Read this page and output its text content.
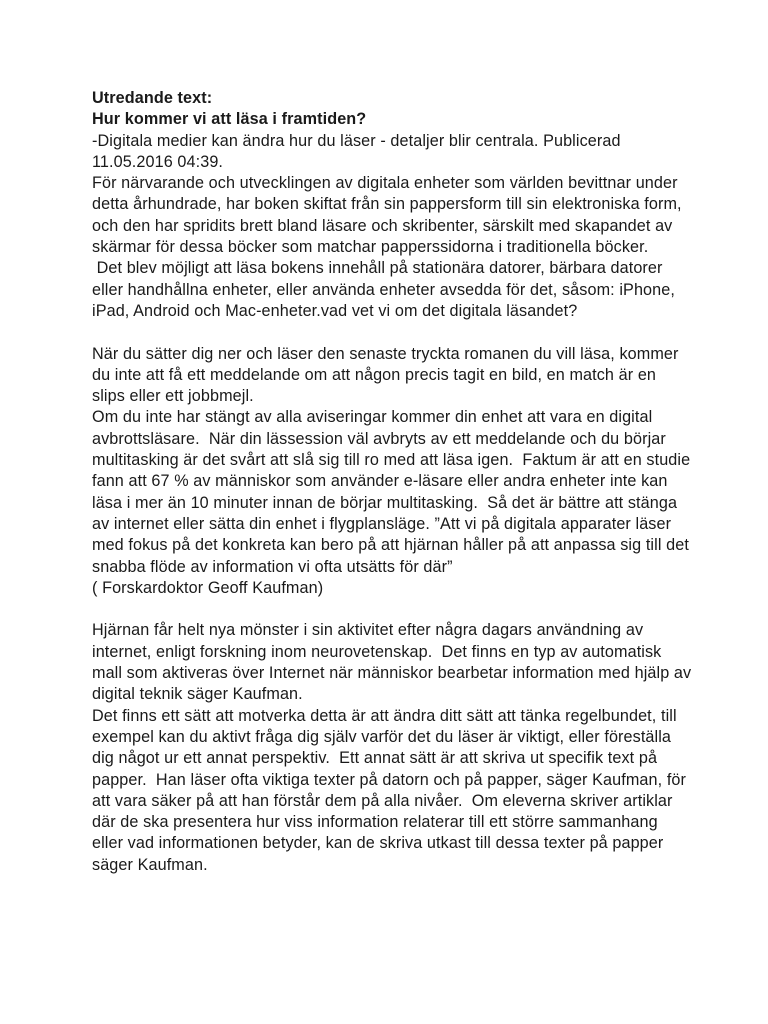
Utredande text:

Hur kommer vi att läsa i framtiden?

-Digitala medier kan ändra hur du läser - detaljer blir centrala. Publicerad 11.05.2016 04:39.

För närvarande och utvecklingen av digitala enheter som världen bevittnar under detta århundrade, har boken skiftat från sin pappersform till sin elektroniska form, och den har spridits brett bland läsare och skribenter, särskilt med skapandet av skärmar för dessa böcker som matchar papperssidorna i traditionella böcker.

Det blev möjligt att läsa bokens innehåll på stationära datorer, bärbara datorer eller handhållna enheter, eller använda enheter avsedda för det, såsom: iPhone, iPad, Android och Mac-enheter.vad vet vi om det digitala läsandet?

När du sätter dig ner och läser den senaste tryckta romanen du vill läsa, kommer du inte att få ett meddelande om att någon precis tagit en bild, en match är en slips eller ett jobbmejl.

Om du inte har stängt av alla aviseringar kommer din enhet att vara en digital avbrottsläsare.  När din lässession väl avbryts av ett meddelande och du börjar multitasking är det svårt att slå sig till ro med att läsa igen.  Faktum är att en studie fann att 67 % av människor som använder e-läsare eller andra enheter inte kan läsa i mer än 10 minuter innan de börjar multitasking.  Så det är bättre att stänga av internet eller sätta din enhet i flygplansläge. ”Att vi på digitala apparater läser med fokus på det konkreta kan bero på att hjärnan håller på att anpassa sig till det snabba flöde av information vi ofta utsätts för där”

( Forskardoktor Geoff Kaufman)

Hjärnan får helt nya mönster i sin aktivitet efter några dagars användning av internet, enligt forskning inom neurovetenskap.  Det finns en typ av automatisk mall som aktiveras över Internet när människor bearbetar information med hjälp av digital teknik säger Kaufman.

Det finns ett sätt att motverka detta är att ändra ditt sätt att tänka regelbundet, till exempel kan du aktivt fråga dig själv varför det du läser är viktigt, eller föreställa dig något ur ett annat perspektiv.  Ett annat sätt är att skriva ut specifik text på papper.  Han läser ofta viktiga texter på datorn och på papper, säger Kaufman, för att vara säker på att han förstår dem på alla nivåer.  Om eleverna skriver artiklar där de ska presentera hur viss information relaterar till ett större sammanhang eller vad informationen betyder, kan de skriva utkast till dessa texter på papper säger Kaufman.
